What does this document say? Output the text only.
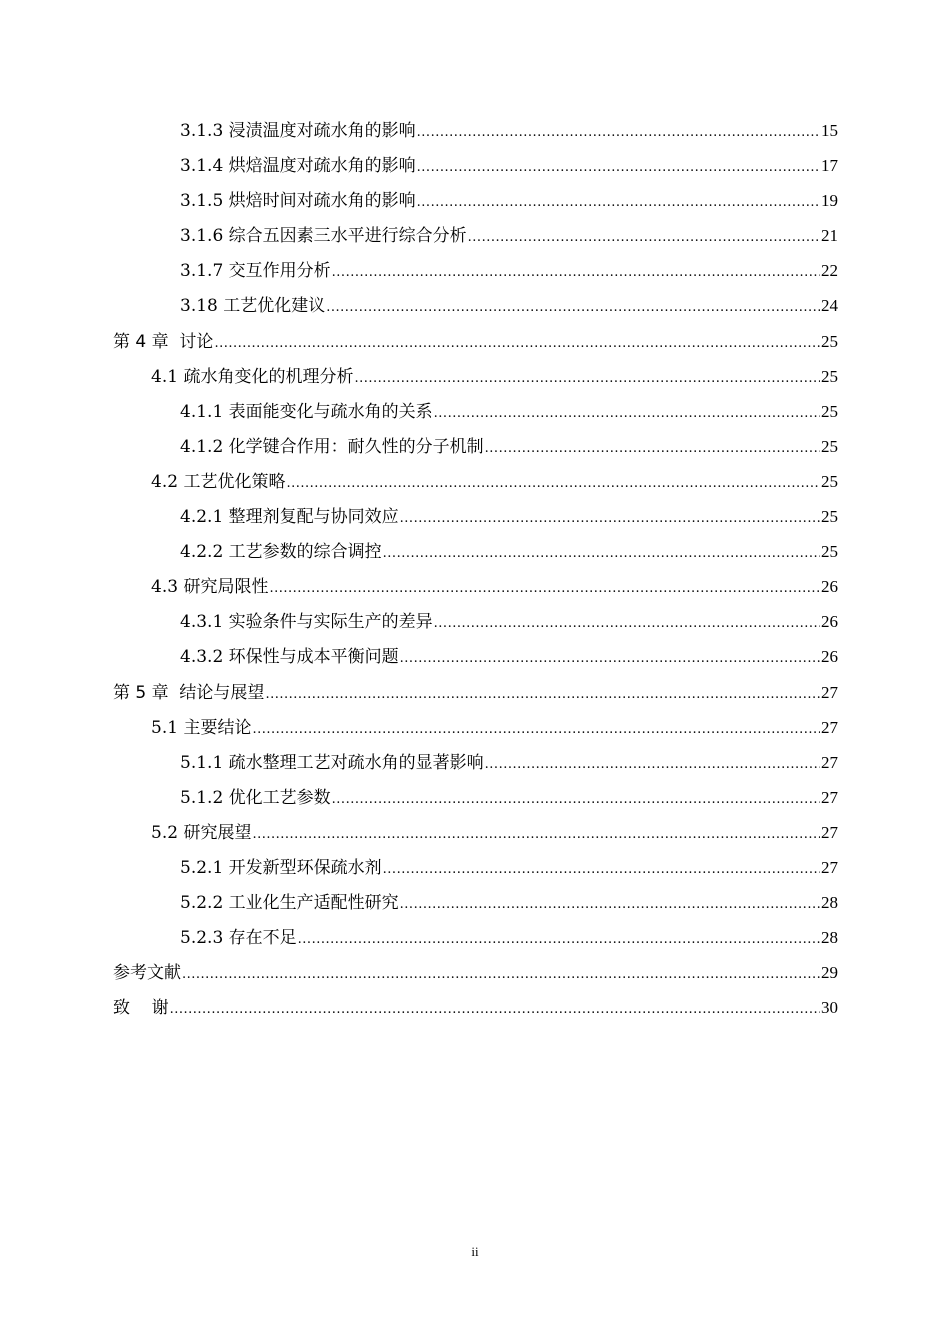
3.1.3 浸渍温度对疏水角的影响 .....	15
3.1.4 烘焙温度对疏水角的影响 .....	17
3.1.5 烘焙时间对疏水角的影响 .....	19
3.1.6 综合五因素三水平进行综合分析 .....	21
3.1.7 交互作用分析 .....	22
3.18 工艺优化建议 .....	24
第 4 章  讨论 .....	25
4.1 疏水角变化的机理分析 .....	25
4.1.1 表面能变化与疏水角的关系 .....	25
4.1.2 化学键合作用：耐久性的分子机制 .....	25
4.2 工艺优化策略 .....	25
4.2.1 整理剂复配与协同效应 .....	25
4.2.2 工艺参数的综合调控 .....	25
4.3 研究局限性 .....	26
4.3.1 实验条件与实际生产的差异 .....	26
4.3.2 环保性与成本平衡问题 .....	26
第 5 章  结论与展望 .....	27
5.1 主要结论 .....	27
5.1.1 疏水整理工艺对疏水角的显著影响 .....	27
5.1.2 优化工艺参数 .....	27
5.2 研究展望 .....	27
5.2.1 开发新型环保疏水剂 .....	27
5.2.2 工业化生产适配性研究 .....	28
5.2.3 存在不足 .....	28
参考文献 .....	29
致    谢 .....	30
ii
